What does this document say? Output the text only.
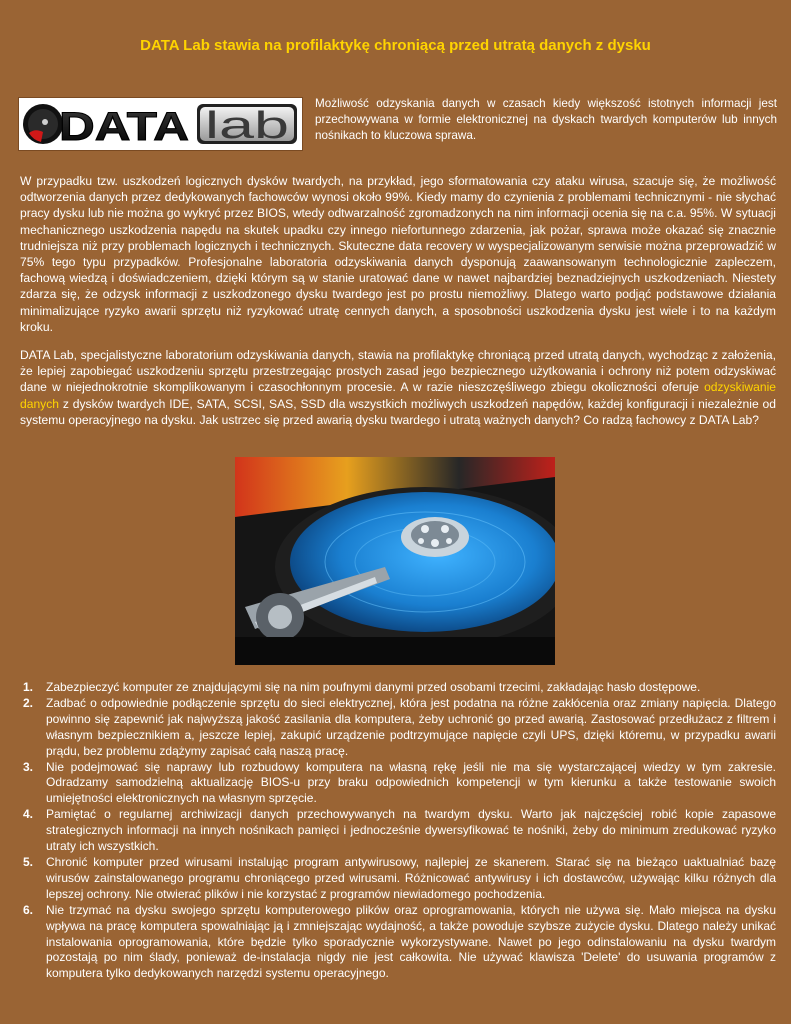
DATA Lab stawia na profilaktykę chroniącą przed utratą danych z dysku
DATA lab
Możliwość odzyskania danych w czasach kiedy większość istotnych informacji jest przechowywana w formie elektronicznej na dyskach twardych komputerów lub innych nośnikach to kluczowa sprawa.
W przypadku tzw. uszkodzeń logicznych dysków twardych, na przykład, jego sformatowania czy ataku wirusa, szacuje się, że możliwość odtworzenia danych przez dedykowanych fachowców wynosi około 99%. Kiedy mamy do czynienia z problemami technicznymi - nie słychać pracy dysku lub nie można go wykryć przez BIOS, wtedy odtwarzalność zgromadzonych na nim informacji ocenia się na c.a. 95%. W sytuacji mechanicznego uszkodzenia napędu na skutek upadku czy innego niefortunnego zdarzenia, jak pożar, sprawa może okazać się znacznie trudniejsza niż przy problemach logicznych i technicznych. Skuteczne data recovery w wyspecjalizowanym serwisie można przeprowadzić w 75% tego typu przypadków. Profesjonalne laboratoria odzyskiwania danych dysponują zaawansowanym technologicznie zapleczem, fachową wiedzą i doświadczeniem, dzięki którym są w stanie uratować dane w nawet najbardziej beznadziejnych uszkodzeniach. Niestety zdarza się, że odzysk informacji z uszkodzonego dysku twardego jest po prostu niemożliwy. Dlatego warto podjąć podstawowe działania minimalizujące ryzyko awarii sprzętu niż ryzykować utratę cennych danych, a sposobności uszkodzenia dysku jest wiele i to na każdym kroku.
DATA Lab, specjalistyczne laboratorium odzyskiwania danych, stawia na profilaktykę chroniącą przed utratą danych, wychodząc z założenia, że lepiej zapobiegać uszkodzeniu sprzętu przestrzegając prostych zasad jego bezpiecznego użytkowania i ochrony niż potem odzyskiwać dane w niejednokrotnie skomplikowanym i czasochłonnym procesie. A w razie nieszczęśliwego zbiegu okoliczności oferuje odzyskiwanie danych z dysków twardych IDE, SATA, SCSI, SAS, SSD dla wszystkich możliwych uszkodzeń napędów, każdej konfiguracji i niezależnie od systemu operacyjnego na dysku. Jak ustrzec się przed awarią dysku twardego i utratą ważnych danych? Co radzą fachowcy z DATA Lab?
1. Zabezpieczyć komputer ze znajdującymi się na nim poufnymi danymi przed osobami trzecimi, zakładając hasło dostępowe.
2. Zadbać o odpowiednie podłączenie sprzętu do sieci elektrycznej, która jest podatna na różne zakłócenia oraz zmiany napięcia. Dlatego powinno się zapewnić jak najwyższą jakość zasilania dla komputera, żeby uchronić go przed awarią. Zastosować przedłużacz z filtrem i własnym bezpiecznikiem a, jeszcze lepiej, zakupić urządzenie podtrzymujące napięcie czyli UPS, dzięki któremu, w przypadku awarii prądu, bez problemu zdążymy zapisać całą naszą pracę.
3. Nie podejmować się naprawy lub rozbudowy komputera na własną rękę jeśli nie ma się wystarczającej wiedzy w tym zakresie. Odradzamy samodzielną aktualizację BIOS-u przy braku odpowiednich kompetencji w tym kierunku a także testowanie swoich umiejętności elektronicznych na własnym sprzęcie.
4. Pamiętać o regularnej archiwizacji danych przechowywanych na twardym dysku. Warto jak najczęściej robić kopie zapasowe strategicznych informacji na innych nośnikach pamięci i jednocześnie dywersyfikować te nośniki, żeby do minimum zredukować ryzyko utraty ich wszystkich.
5. Chronić komputer przed wirusami instalując program antywirusowy, najlepiej ze skanerem. Starać się na bieżąco uaktualniać bazę wirusów zainstalowanego programu chroniącego przed wirusami. Różnicować antywirusy i ich dostawców, używając kilku różnych dla lepszej ochrony. Nie otwierać plików i nie korzystać z programów niewiadomego pochodzenia.
6. Nie trzymać na dysku swojego sprzętu komputerowego plików oraz oprogramowania, których nie używa się. Mało miejsca na dysku wpływa na pracę komputera spowalniając ją i zmniejszając wydajność, a także powoduje szybsze zużycie dysku. Dlatego należy unikać instalowania oprogramowania, które będzie tylko sporadycznie wykorzystywane. Nawet po jego odinstalowaniu na dysku twardym pozostają po nim ślady, ponieważ de-instalacja nigdy nie jest całkowita. Nie używać klawisza 'Delete' do usuwania programów z komputera tylko dedykowanych narzędzi systemu operacyjnego.
